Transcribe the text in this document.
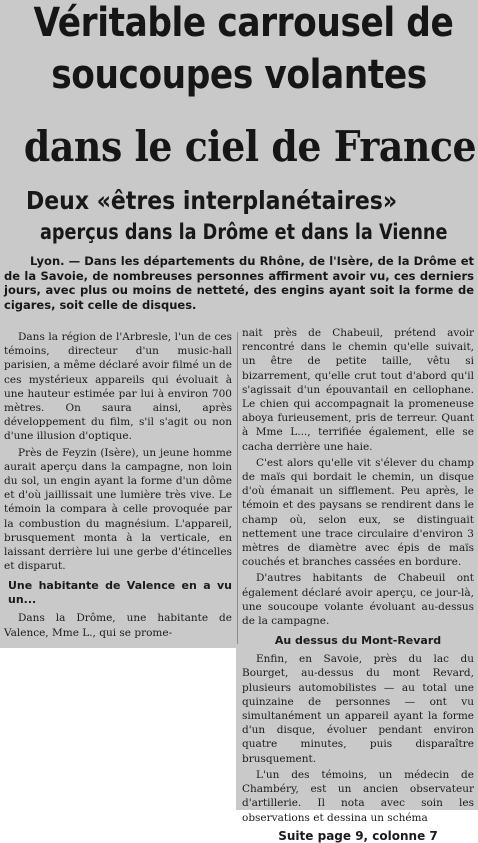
Véritable carrousel de
soucoupes volantes
dans le ciel de France
Deux «êtres interplanétaires»
aperçus dans la Drôme et dans la Vienne
Lyon. — Dans les départements du Rhône, de l'Isère, de la Drôme et de la Savoie, de nombreuses personnes affirment avoir vu, ces derniers jours, avec plus ou moins de netteté, des engins ayant soit la forme de cigares, soit celle de disques.

Dans la région de l'Arbresle, l'un de ces témoins, directeur d'un music-hall parisien, a même déclaré avoir filmé un de ces mystérieux appareils qui évoluait à une hauteur estimée par lui à environ 700 mètres. On saura ainsi, après développement du film, s'il s'agit ou non d'une illusion d'optique.

Près de Feyzin (Isère), un jeune homme aurait aperçu dans la campagne, non loin du sol, un engin ayant la forme d'un dôme et d'où jaillissait une lumière très vive. Le témoin la compara à celle provoquée par la combustion du magnésium. L'appareil, brusquement monta à la verticale, en laissant derrière lui une gerbe d'étincelles et disparut.

Une habitante de Valence en a vu un...

Dans la Drôme, une habitante de Valence, Mme L., qui se prome-

nait près de Chabeuil, prétend avoir rencontré dans le chemin qu'elle suivait, un être de petite taille, vêtu si bizarrement, qu'elle crut tout d'abord qu'il s'agissait d'un épouvantail en cellophane. Le chien qui accompagnait la promeneuse aboya furieusement, pris de terreur. Quant à Mme L..., terrifiée également, elle se cacha derrière une haie.

C'est alors qu'elle vit s'élever du champ de maïs qui bordait le chemin, un disque d'où émanait un sifflement. Peu après, le témoin et des paysans se rendirent dans le champ où, selon eux, se distinguait nettement une trace circulaire d'environ 3 mètres de diamètre avec épis de maïs couchés et branches cassées en bordure.

D'autres habitants de Chabeuil ont également déclaré avoir aperçu, ce jour-là, une soucoupe volante évoluant au-dessus de la campagne.

Au dessus du Mont-Revard

Enfin, en Savoie, près du lac du Bourget, au-dessus du mont Revard, plusieurs automobilistes — au total une quinzaine de personnes — ont vu simultanément un appareil ayant la forme d'un disque, évoluer pendant environ quatre minutes, puis disparaître brusquement.

L'un des témoins, un médecin de Chambéry, est un ancien observateur d'artillerie. Il nota avec soin les observations et dessina un schéma

Suite page 9, colonne 7
